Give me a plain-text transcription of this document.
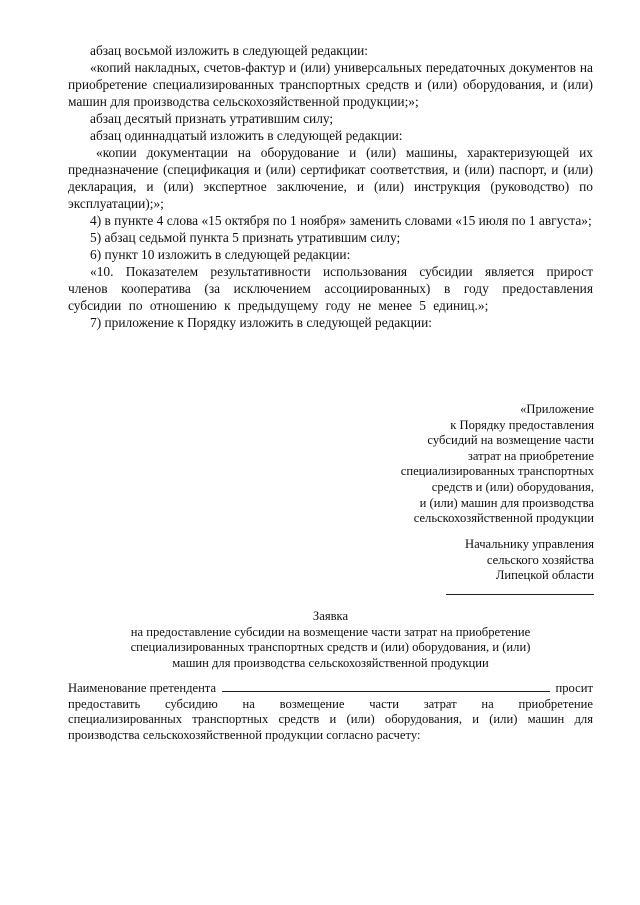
абзац восьмой изложить в следующей редакции:

«копий накладных, счетов-фактур и (или) универсальных передаточных документов на приобретение специализированных транспортных средств и (или) оборудования, и (или) машин для производства сельскохозяйственной продукции;»;

абзац десятый признать утратившим силу;

абзац одиннадцатый изложить в следующей редакции:

«копии документации на оборудование и (или) машины, характеризующей их предназначение (спецификация и (или) сертификат соответствия, и (или) паспорт, и (или) декларация, и (или) экспертное заключение, и (или) инструкция (руководство) по эксплуатации);»;

4) в пункте 4 слова «15 октября по 1 ноября» заменить словами «15 июля по 1 августа»;

5) абзац седьмой пункта 5 признать утратившим силу;

6) пункт 10 изложить в следующей редакции:

«10. Показателем результативности использования субсидии является прирост членов кооператива (за исключением ассоциированных) в году предоставления субсидии по отношению к предыдущему году не менее 5 единиц.»;

7) приложение к Порядку изложить в следующей редакции:

«Приложение
к Порядку предоставления
субсидий на возмещение части
затрат на приобретение
специализированных транспортных
средств и (или) оборудования,
и (или) машин для производства
сельскохозяйственной продукции
Начальнику управления
сельского хозяйства
Липецкой области
Заявка
на предоставление субсидии на возмещение части затрат на приобретение
специализированных транспортных средств и (или) оборудования, и (или)
машин для производства сельскохозяйственной продукции
Наименование претендента	просит
предоставить субсидию на возмещение части затрат на приобретение
специализированных транспортных средств и (или) оборудования, и (или) машин для
производства сельскохозяйственной продукции согласно расчету:
